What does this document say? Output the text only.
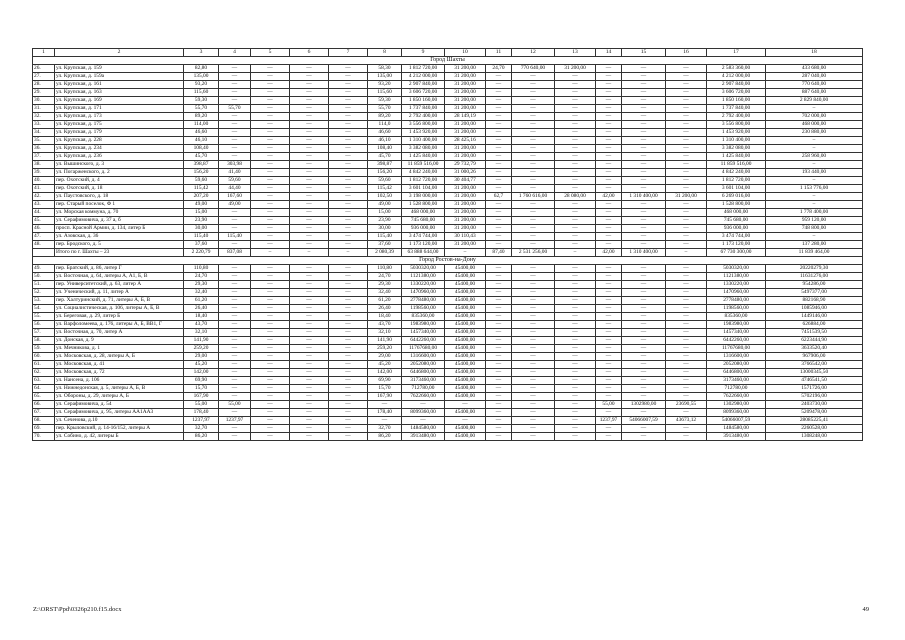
1	2	3	4	5	6	7	8	9	10	11	12	13	14	15	16	17	18
Город Шахты																	
26.	ул. Крупская, д. 159	82,80	—	—	—	—	58,30	1 812 720,00	31 200,00	24,70	770 640,00	31 200,00	—	—	—	2 583 360,00	433 680,00
27.	ул. Крупская, д. 159а	135,00	—	—	—	—	135,00	4 212 000,00	31 200,00	—	—	—	—	—	—	4 212 000,00	287 040,00
28.	ул. Крупская, д. 161	93,20	—	—	—	—	93,20	2 907 840,00	31 200,00	—	—	—	—	—	—	2 907 840,00	770 640,00
29.	ул. Крупская, д. 163	115,60	—	—	—	—	115,60	3 606 720,00	31 200,00	—	—	—	—	—	—	3 606 720,00	887 640,00
30.	ул. Крупская, д. 169	59,30	—	—	—	—	59,30	1 850 160,00	31 200,00	—	—	—	—	—	—	1 850 160,00	2 829 840,00
31.	ул. Крупская, д. 171	55,70	55,70	—	—	—	55,70	1 737 840,00	31 200,00	—	—	—	—	—	—	1 737 840,00	–
32.	ул. Крупская, д. 173	89,20	—	—	—	—	89,20	2 792 400,00	28 149,19	—	—	—	—	—	—	2 792 400,00	702 000,00
33.	ул. Крупская, д. 175	114,00	—	—	—	—	114,0	3 556 800,00	31 200,00	—	—	—	—	—	—	3 556 800,00	468 000,00
34.	ул. Крупская, д. 179	46,60	—	—	—	—	46,60	1 453 920,00	31 200,00	—	—	—	—	—	—	1 453 920,00	230 880,00
35.	ул. Крупская, д. 228	46,10	—	—	—	—	46,10	1 310 400,00	28 425,16	—	—	—	—	—	—	1 310 400,00	–
36.	ул. Крупская, д. 234	108,40	—	—	—	—	108,40	3 382 080,00	31 200,00	—	—	—	—	—	—	3 382 080,00	–
37.	ул. Крупская, д. 236	45,70	—	—	—	—	45,70	1 425 840,00	31 200,00	—	—	—	—	—	—	1 425 840,00	258 960,00
38.	ул. Вышинского, д. 3	398,87	303,98	—	—	—	398,87	11 859 516,00	29 732,79	—	—	—	—	—	—	11 859 516,00	–
39.	ул. Погарженского, д. 2	156,20	41,40	—	—	—	156,20	4 842 240,00	31 000,26	—	—	—	—	—	—	4 842 240,00	193 440,00
40.	пер. Охотский, д. 4	59,60	59,60	—	—	—	59,60	1 812 720,00	30 404,77	—	—	—	—	—	—	1 812 720,00	–
41.	пер. Охотский, д. 18	115,42	44,40	—	—	—	115,42	3 601 104,00	31 200,00	—	—	—	—	—	—	3 601 104,00	1 153 776,00
42.	ул. Паустовского, д. 18	207,20	167,60	—	—	—	102,50	3 198 000,00	31 200,00	62,7	1 760 616,00	28 080,00	42,00	1 310 400,00	31 200,00	6 269 016,00	–
43.	пер. Старый поселок, Ф 1	49,00	49,00	—	—	—	49,00	1 528 800,00	31 200,00	—	—	—	—	—	—	1 528 800,00	–
44.	ул. Морская коммуна, д. 70	15,00	—	—	—	—	15,00	468 000,00	31 200,00	—	—	—	—	—	—	468 000,00	1 778 400,00
45.	ул. Серафимовича, д. 37 а, б	23,90	—	—	—	—	23,90	745 680,00	31 200,00	—	—	—	—	—	—	745 680,00	959 120,00
46.	просп. Красной Армии, д. 134, литер Б	30,00	—	—	—	—	30,00	936 000,00	31 200,00	—	—	—	—	—	—	936 000,00	748 800,00
47.	ул. Азовская, д. 36	115,40	115,40	—	—	—	115,40	3 474 744,00	30 110,43	—	—	—	—	—	—	3 474 744,00	–
48.	пер. Бродского, д. 5	37,60	—	—	—	—	37,60	1 173 120,00	31 200,00	—	—	—	—	—	—	1 173 120,00	137 280,00
	Итого по г. Шахты – 23	2 220,79	837,08	–	–	–	2 080,39	63 888 644,00	–	87,40	2 531 256,00	–	42,00	1 310 400,00	–	67 730 300,00	11 839 464,00
Город Ростов-на-Дону																	
49.	пер. Братский, д. 86, литер Г	110,80	—	—	—	—	110,80	5030320,00	45400,00	—	—	—	—	—	—	5030320,00	20220279,30
50.	ул. Восточная, д. 64, литеры А, А1, Б, В	24,70	—	—	—	—	24,70	1121380,00	45400,00	—	—	—	—	—	—	1121380,00	11631276,00
51.	пер. Университетский, д. 63, литер А	29,30	—	—	—	—	29,30	1330220,00	45400,00	—	—	—	—	—	—	1330220,00	954286,00
52.	ул. Ученический, д. 11, литер А	32,40	—	—	—	—	32,40	1470960,00	45400,00	—	—	—	—	—	—	1470960,00	5497377,00
53.	пер. Халтуринский, д. 71, литеры А, Б, В	61,20	—	—	—	—	61,20	2778480,00	45400,00	—	—	—	—	—	—	2778480,00	882168,90
54.	ул. Социалистическая, д. 106, литеры А, Б, В	26,40	—	—	—	—	26,40	1198560,00	45400,00	—	—	—	—	—	—	1198560,00	1085946,00
55.	ул. Береговая, д. 29, литер Б	18,40	—	—	—	—	18,40	835360,00	45400,00	—	—	—	—	—	—	835360,00	1449146,00
56.	ул. Варфоломеева, д. 176, литеры А, Б, ВВ1, Г	43,70	—	—	—	—	43,70	1983980,00	45400,00	—	—	—	—	—	—	1983980,00	626884,00
57.	ул. Восточная, д. 70, литер А	32,10	—	—	—	—	32,10	1457340,00	45400,00	—	—	—	—	—	—	1457340,00	7451539,50
58.	ул. Донская, д. 9	141,90	—	—	—	—	141,90	6442260,00	45400,00	—	—	—	—	—	—	6442260,00	6223444,90
59.	ул. Мечникова, д. 1	259,20	—	—	—	—	259,20	11767680,00	45400,00	—	—	—	—	—	—	11767680,00	3633520,40
60.	ул. Московская, д. 28, литеры А, Б	29,00	—	—	—	—	29,00	1316600,00	45400,00	—	—	—	—	—	—	1316600,00	967906,00
61.	ул. Московская, д. 41	45,20	—	—	—	—	45,20	2052080,00	45400,00	—	—	—	—	—	—	2052080,00	3766542,00
62.	ул. Московская, д. 72	142,00	—	—	—	—	142,00	6446800,00	45400,00	—	—	—	—	—	—	6446800,00	13000345,50
63.	ул. Нансена, д. 106	69,90	—	—	—	—	69,90	3173460,00	45400,00	—	—	—	—	—	—	3173460,00	4746541,50
64.	ул. Нижнедонская, д. 5, литеры А, Б, В	15,70	—	—	—	—	15,70	712780,00	45400,00	—	—	—	—	—	—	712780,00	1571726,00
65.	ул. Обороны, д. 29, литеры А, Б	167,90	—	—	—	—	167,90	7622660,00	45400,00	—	—	—	—	—	—	7622660,00	5702196,00
66.	ул. Серафимовича, д. 54	55,00	55,00	—	—	—	—	—	—	—	—	—	55,00	1302980,00	23690,55	1302980,00	2403730,00
67.	ул. Серафимовича, д. 95, литеры АА1АА3	178,40	—	—	—	—	178,40	8099360,00	45400,00	—	—	—	—	—	—	8099360,00	5209478,00
68.	ул. Сеченова, д.10	1237,97	1237,97	—	—	—	—	—	—	—	—	—	1237,97	54066007,59	43673,12	54066007,59	28085225,41
69.	пер. Крыловский, д. 14-16/152, литеры А	32,70	—	—	—	—	32,70	1484580,00	45400,00	—	—	—	—	—	—	1484580,00	2260528,00
70.	ул. Собино, д. 42, литеры Б	86,20	—	—	—	—	86,20	3913480,00	45400,00	—	—	—	—	—	—	3913480,00	1308248,00
Z:\ORST\Ppd\0326p210.f15.docx	49
